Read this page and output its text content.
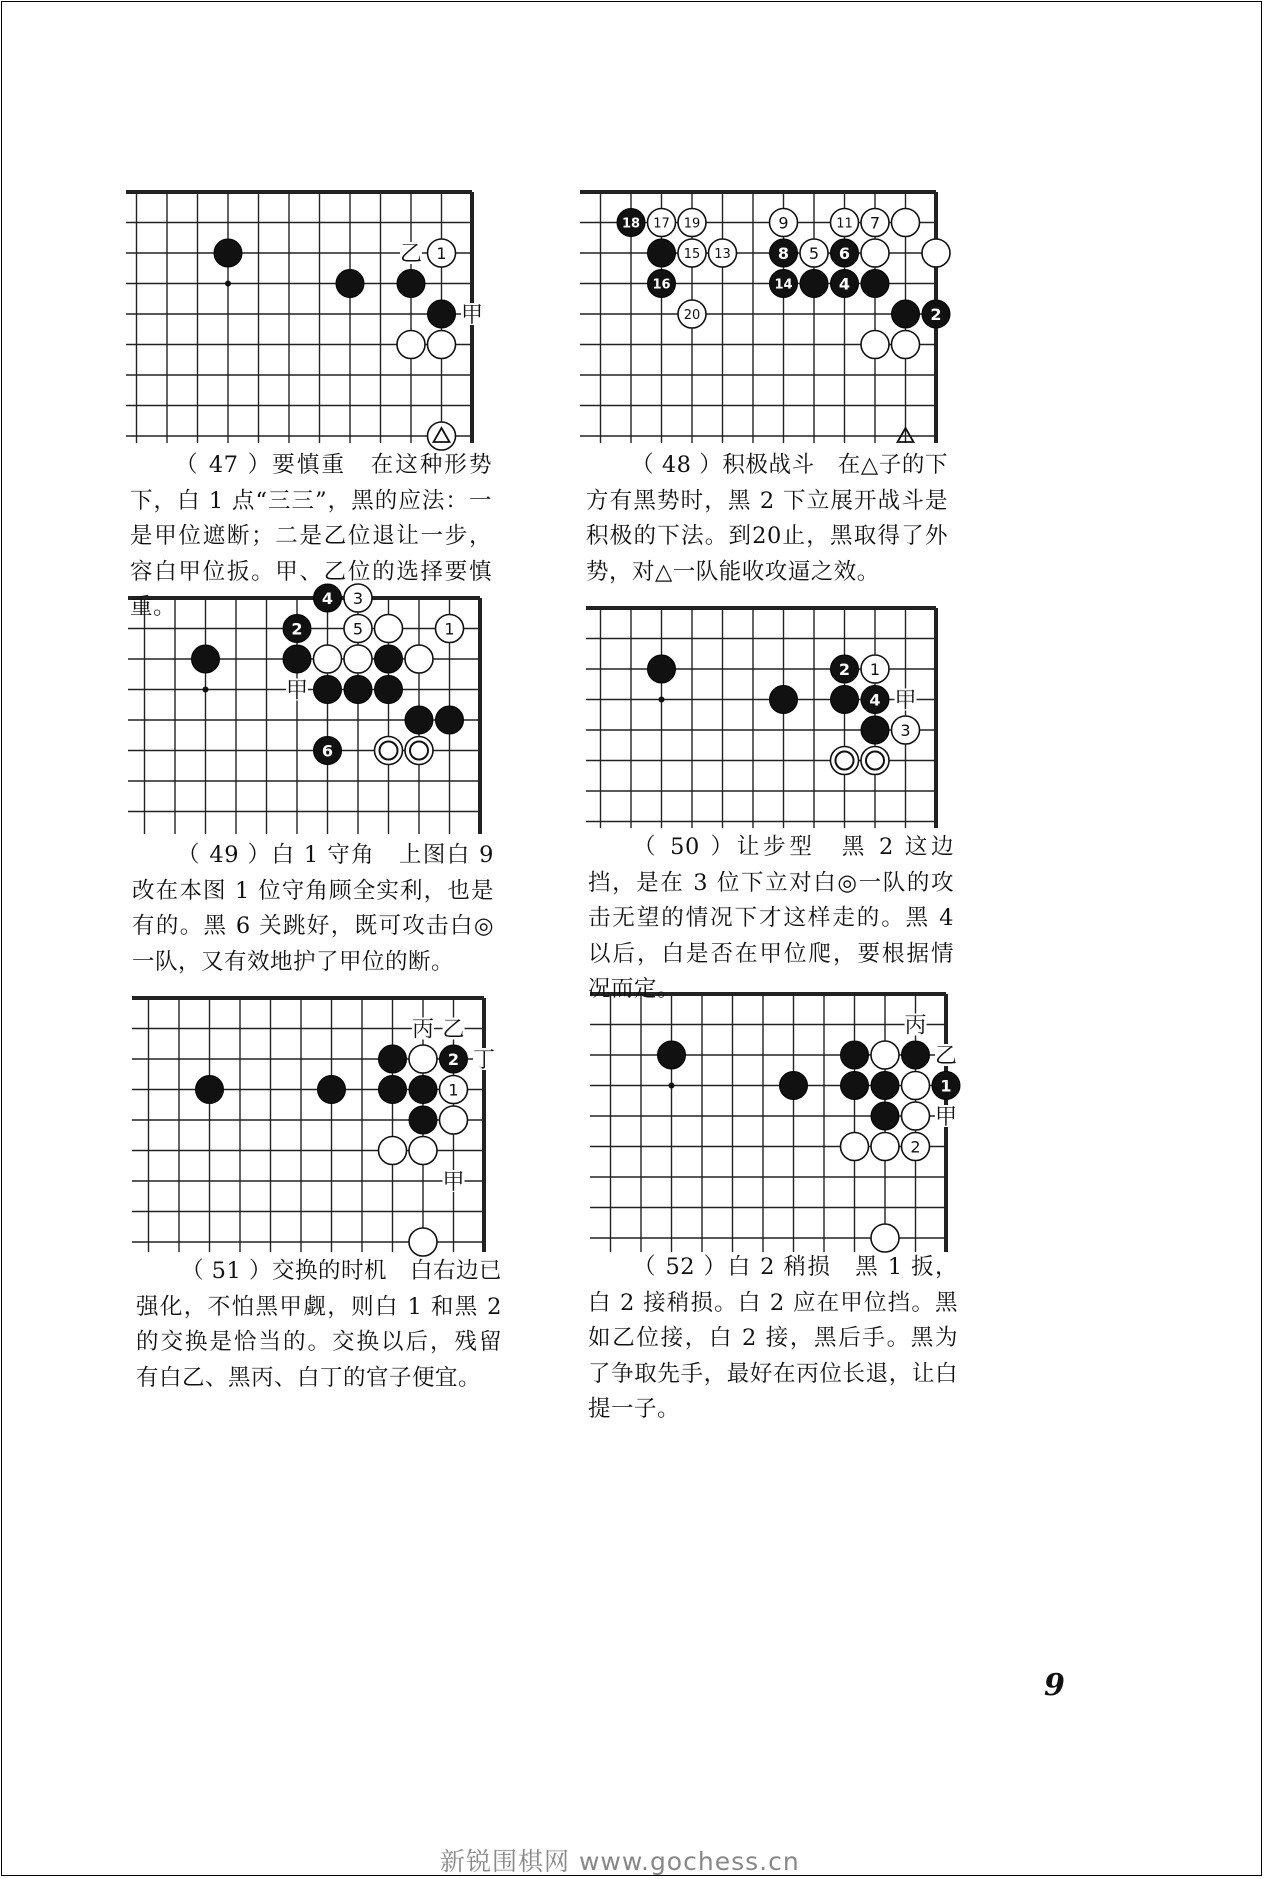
1
乙
甲
18
16
8	6
14	4
2
17 19	9	11 7
15 13	5
20
4
2
6
3
5	1
甲
2
4
1
3
甲
2
1
丙 乙
丁
甲
1
2
丙
乙
甲

（ 47 ）要慎重　在这种形势下，白 1 点“三三”，黑的应法：一是甲位遮断；二是乙位退让一步，容白甲位扳。甲、乙位的选择要慎重。

（ 48 ）积极战斗　在△子的下方有黑势时，黑 2 下立展开战斗是积极的下法。到20止，黑取得了外势，对△一队能收攻逼之效。

（ 49 ）白 1 守角　上图白 9 改在本图 1 位守角顾全实利，也是有的。黑 6 关跳好，既可攻击白◎一队，又有效地护了甲位的断。

（ 50 ）让步型　黑 2 这边挡，是在 3 位下立对白◎一队的攻击无望的情况下才这样走的。黑 4 以后，白是否在甲位爬，要根据情况而定。

（ 51 ）交换的时机　白右边已强化，不怕黑甲觑，则白 1 和黑 2 的交换是恰当的。交换以后，残留有白乙、黑丙、白丁的官子便宜。

（ 52 ）白 2 稍损　黑 1 扳，白 2 接稍损。白 2 应在甲位挡。黑如乙位接，白 2 接，黑后手。黑为了争取先手，最好在丙位长退，让白提一子。

9
新锐围棋网 www.gochess.cn
